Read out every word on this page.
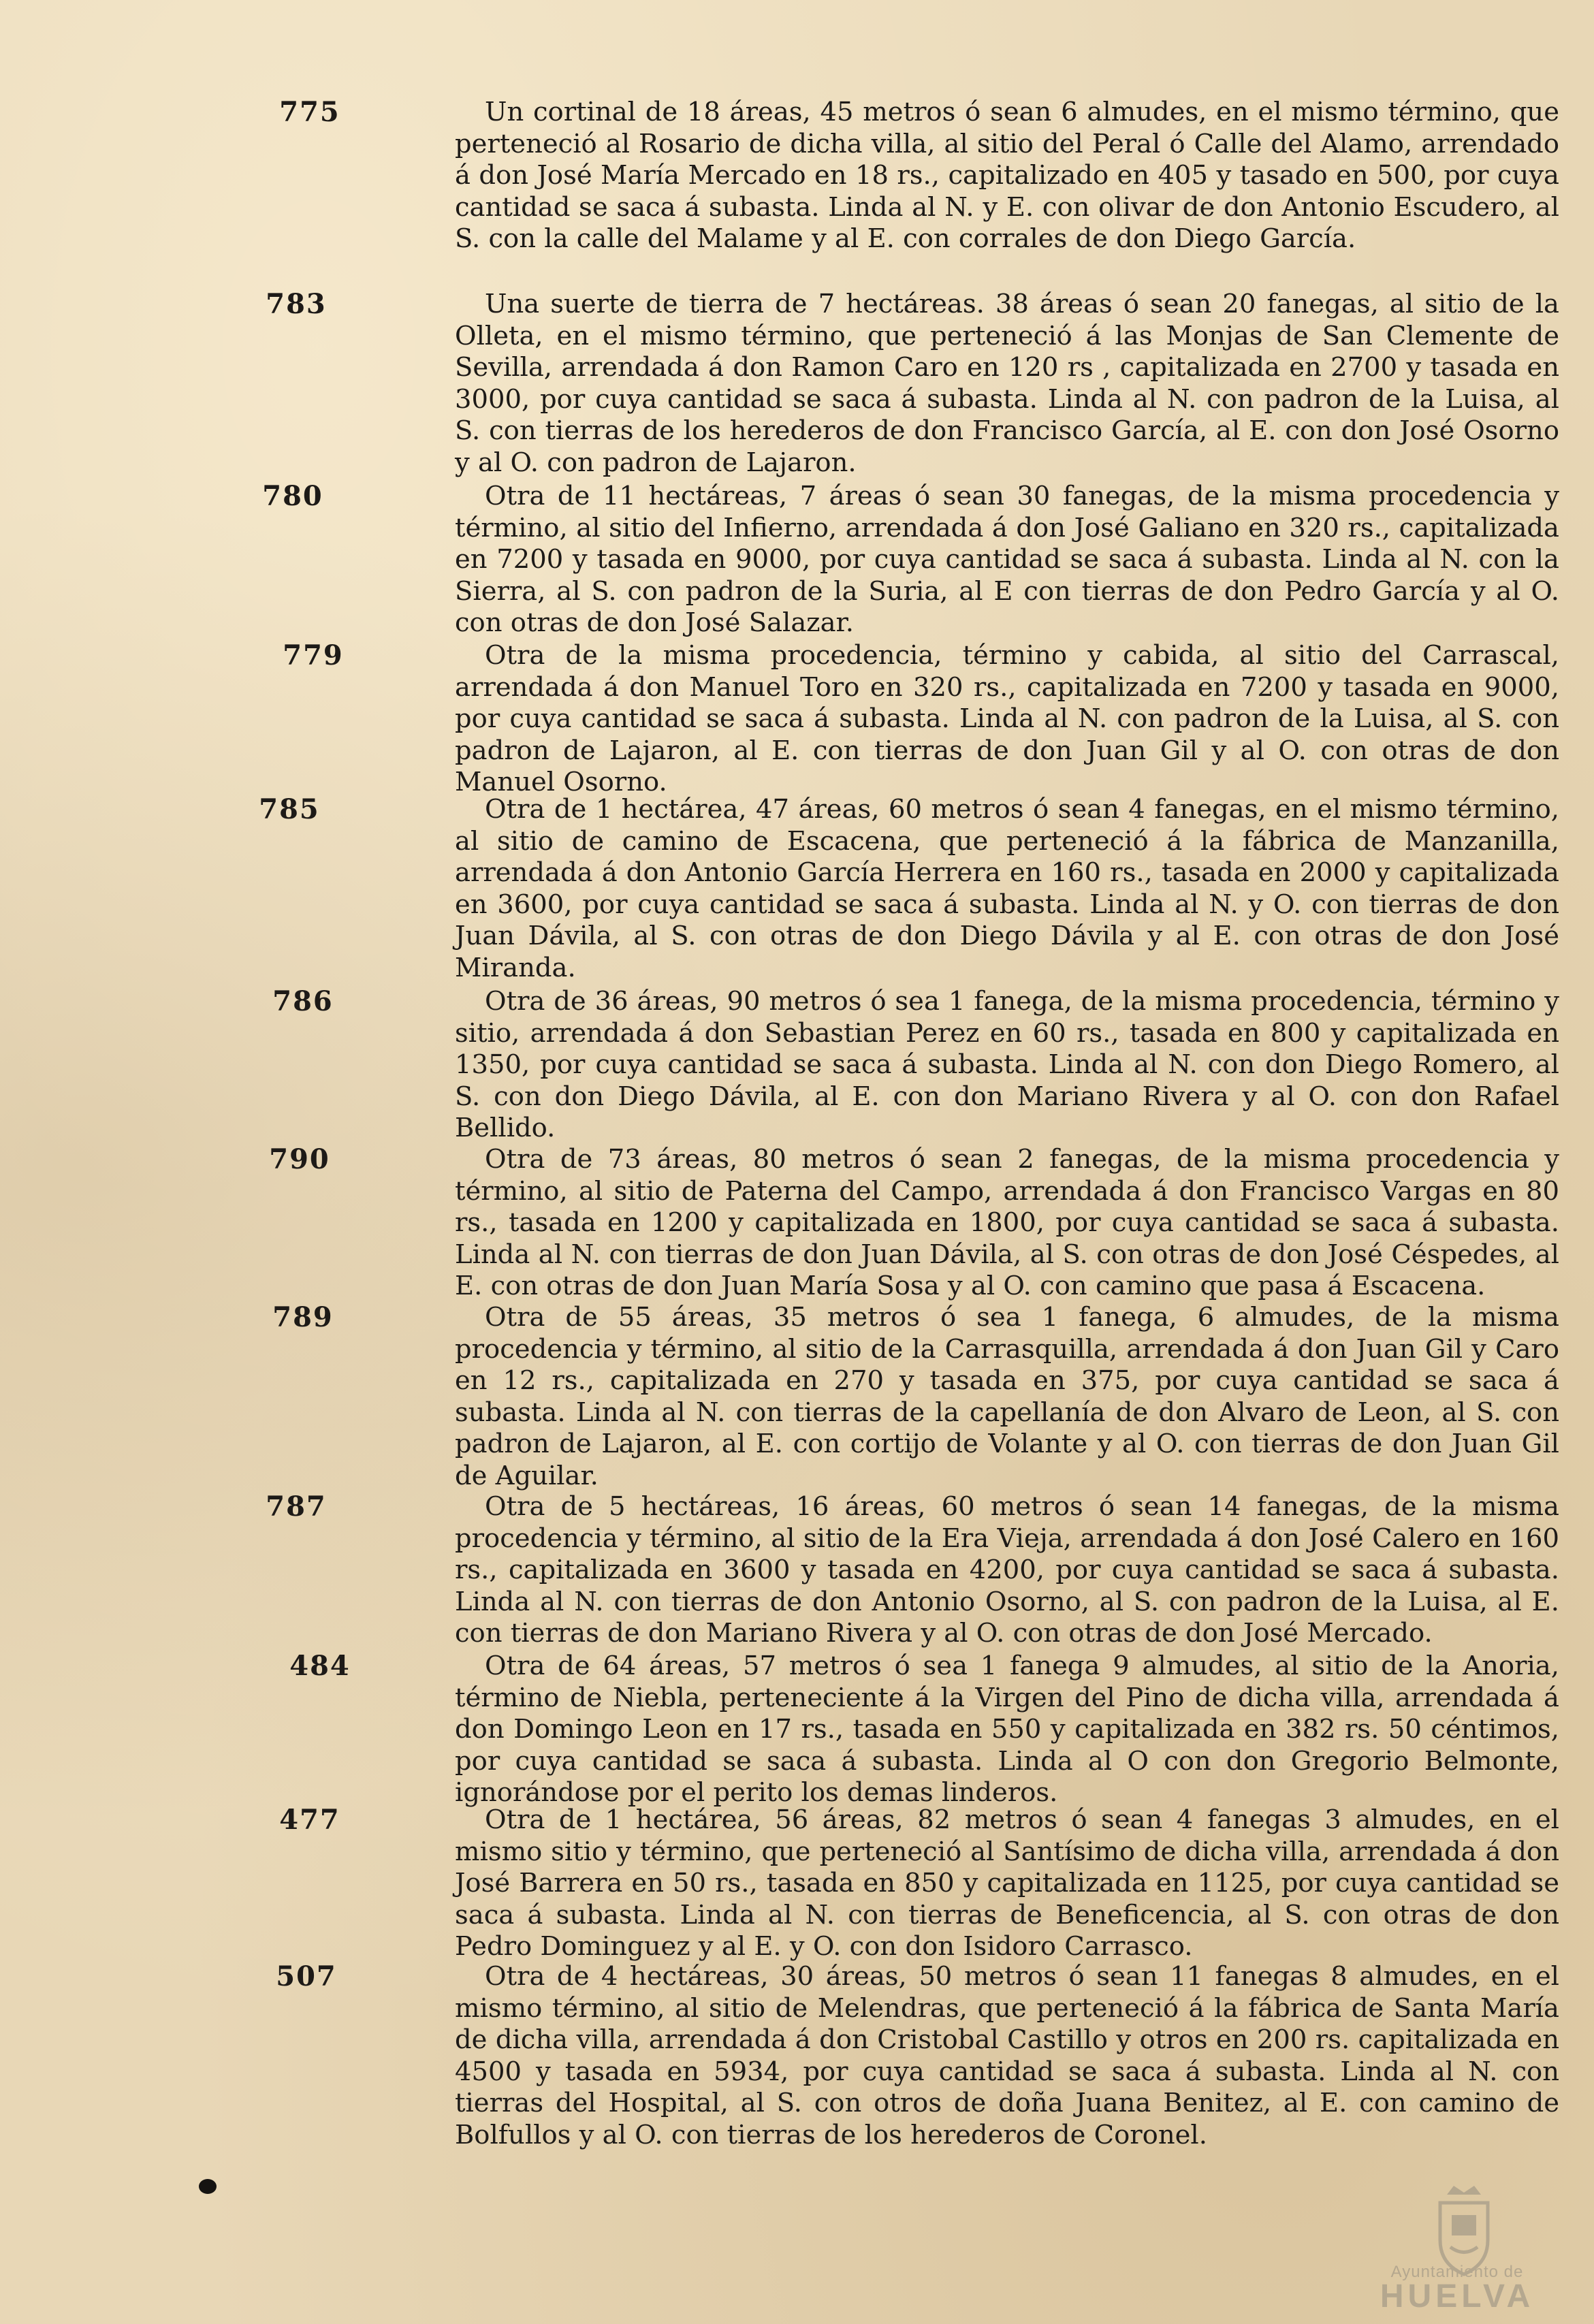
775	Un cortinal de 18 áreas, 45 metros ó sean 6 almudes, en el mismo término, que perteneció al Rosario de dicha villa, al sitio del Peral ó Calle del Alamo, arrendado á don José María Mercado en 18 rs., capitalizado en 405 y tasado en 500, por cuya cantidad se saca á subasta. Linda al N. y E. con olivar de don Antonio Escudero, al S. con la calle del Malame y al E. con corrales de don Diego García.
783	Una suerte de tierra de 7 hectáreas. 38 áreas ó sean 20 fanegas, al sitio de la Olleta, en el mismo término, que perteneció á las Monjas de San Clemente de Sevilla, arrendada á don Ramon Caro en 120 rs , capitalizada en 2700 y tasada en 3000, por cuya cantidad se saca á subasta. Linda al N. con padron de la Luisa, al S. con tierras de los herederos de don Francisco García, al E. con don José Osorno y al O. con padron de Lajaron.
780	Otra de 11 hectáreas, 7 áreas ó sean 30 fanegas, de la misma procedencia y término, al sitio del Infierno, arrendada á don José Galiano en 320 rs., capitalizada en 7200 y tasada en 9000, por cuya cantidad se saca á subasta. Linda al N. con la Sierra, al S. con padron de la Suria, al E con tierras de don Pedro García y al O. con otras de don José Salazar.
779	Otra de la misma procedencia, término y cabida, al sitio del Carrascal, arrendada á don Manuel Toro en 320 rs., capitalizada en 7200 y tasada en 9000, por cuya cantidad se saca á subasta. Linda al N. con padron de la Luisa, al S. con padron de Lajaron, al E. con tierras de don Juan Gil y al O. con otras de don Manuel Osorno.
785	Otra de 1 hectárea, 47 áreas, 60 metros ó sean 4 fanegas, en el mismo término, al sitio de camino de Escacena, que perteneció á la fábrica de Manzanilla, arrendada á don Antonio García Herrera en 160 rs., tasada en 2000 y capitalizada en 3600, por cuya cantidad se saca á subasta. Linda al N. y O. con tierras de don Juan Dávila, al S. con otras de don Diego Dávila y al E. con otras de don José Miranda.
786	Otra de 36 áreas, 90 metros ó sea 1 fanega, de la misma procedencia, término y sitio, arrendada á don Sebastian Perez en 60 rs., tasada en 800 y capitalizada en 1350, por cuya cantidad se saca á subasta. Linda al N. con don Diego Romero, al S. con don Diego Dávila, al E. con don Mariano Rivera y al O. con don Rafael Bellido.
790	Otra de 73 áreas, 80 metros ó sean 2 fanegas, de la misma procedencia y término, al sitio de Paterna del Campo, arrendada á don Francisco Vargas en 80 rs., tasada en 1200 y capitalizada en 1800, por cuya cantidad se saca á subasta. Linda al N. con tierras de don Juan Dávila, al S. con otras de don José Céspedes, al E. con otras de don Juan María Sosa y al O. con camino que pasa á Escacena.
789	Otra de 55 áreas, 35 metros ó sea 1 fanega, 6 almudes, de la misma procedencia y término, al sitio de la Carrasquilla, arrendada á don Juan Gil y Caro en 12 rs., capitalizada en 270 y tasada en 375, por cuya cantidad se saca á subasta. Linda al N. con tierras de la capellanía de don Alvaro de Leon, al S. con padron de Lajaron, al E. con cortijo de Volante y al O. con tierras de don Juan Gil de Aguilar.
787	Otra de 5 hectáreas, 16 áreas, 60 metros ó sean 14 fanegas, de la misma procedencia y término, al sitio de la Era Vieja, arrendada á don José Calero en 160 rs., capitalizada en 3600 y tasada en 4200, por cuya cantidad se saca á subasta. Linda al N. con tierras de don Antonio Osorno, al S. con padron de la Luisa, al E. con tierras de don Mariano Rivera y al O. con otras de don José Mercado.
484	Otra de 64 áreas, 57 metros ó sea 1 fanega 9 almudes, al sitio de la Anoria, término de Niebla, perteneciente á la Virgen del Pino de dicha villa, arrendada á don Domingo Leon en 17 rs., tasada en 550 y capitalizada en 382 rs. 50 céntimos, por cuya cantidad se saca á subasta. Linda al O con don Gregorio Belmonte, ignorándose por el perito los demas linderos.
477	Otra de 1 hectárea, 56 áreas, 82 metros ó sean 4 fanegas 3 almudes, en el mismo sitio y término, que perteneció al Santísimo de dicha villa, arrendada á don José Barrera en 50 rs., tasada en 850 y capitalizada en 1125, por cuya cantidad se saca á subasta. Linda al N. con tierras de Beneficencia, al S. con otras de don Pedro Dominguez y al E. y O. con don Isidoro Carrasco.
507	Otra de 4 hectáreas, 30 áreas, 50 metros ó sean 11 fanegas 8 almudes, en el mismo término, al sitio de Melendras, que perteneció á la fábrica de Santa María de dicha villa, arrendada á don Cristobal Castillo y otros en 200 rs. capitalizada en 4500 y tasada en 5934, por cuya cantidad se saca á subasta. Linda al N. con tierras del Hospital, al S. con otros de doña Juana Benitez, al E. con camino de Bolfullos y al O. con tierras de los herederos de Coronel.
Ayuntamiento de
HUELVA
